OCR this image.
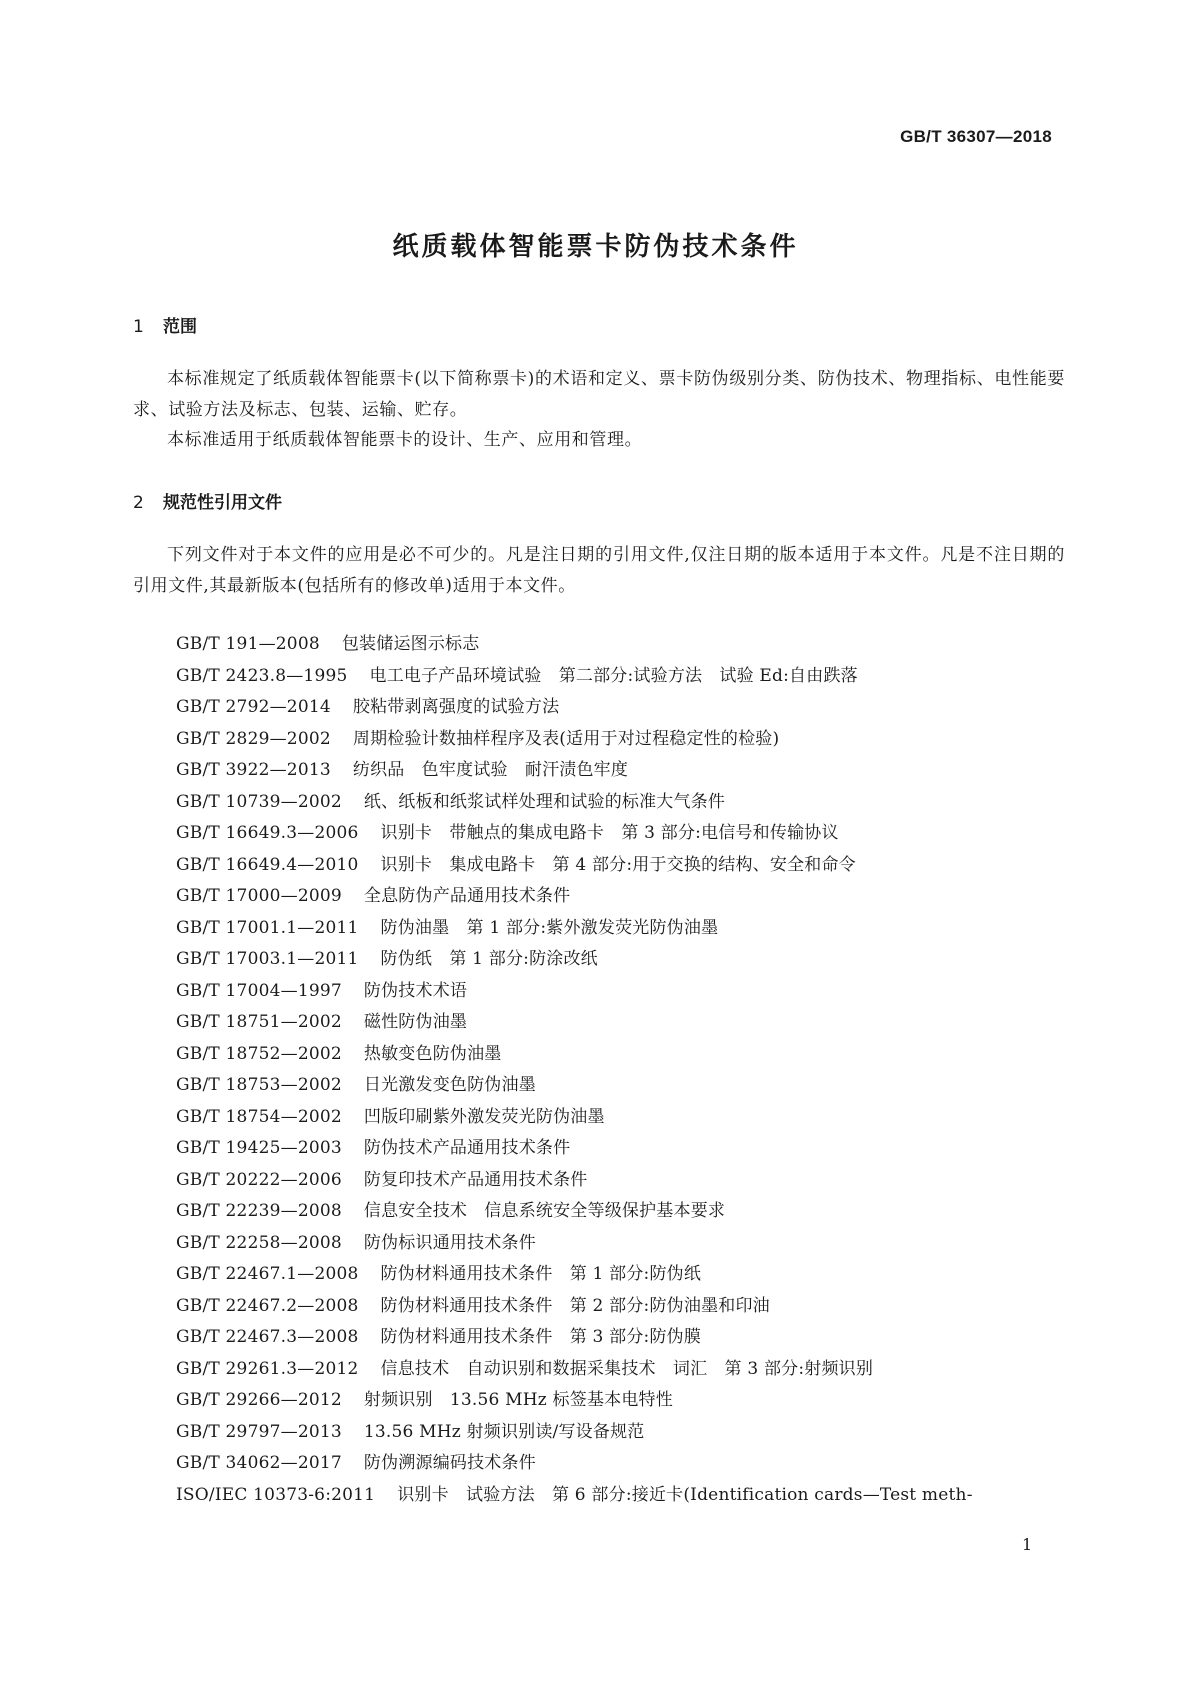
GB/T 36307—2018
纸质载体智能票卡防伪技术条件
1 范围
本标准规定了纸质载体智能票卡(以下简称票卡)的术语和定义、票卡防伪级别分类、防伪技术、物理指标、电性能要求、试验方法及标志、包装、运输、贮存。
本标准适用于纸质载体智能票卡的设计、生产、应用和管理。
2 规范性引用文件
下列文件对于本文件的应用是必不可少的。凡是注日期的引用文件,仅注日期的版本适用于本文件。凡是不注日期的引用文件,其最新版本(包括所有的修改单)适用于本文件。
GB/T 191—2008 包装储运图示标志
GB/T 2423.8—1995 电工电子产品环境试验　第二部分:试验方法　试验 Ed:自由跌落
GB/T 2792—2014 胶粘带剥离强度的试验方法
GB/T 2829—2002 周期检验计数抽样程序及表(适用于对过程稳定性的检验)
GB/T 3922—2013 纺织品　色牢度试验　耐汗渍色牢度
GB/T 10739—2002 纸、纸板和纸浆试样处理和试验的标准大气条件
GB/T 16649.3—2006 识别卡　带触点的集成电路卡　第 3 部分:电信号和传输协议
GB/T 16649.4—2010 识别卡　集成电路卡　第 4 部分:用于交换的结构、安全和命令
GB/T 17000—2009 全息防伪产品通用技术条件
GB/T 17001.1—2011 防伪油墨　第 1 部分:紫外激发荧光防伪油墨
GB/T 17003.1—2011 防伪纸　第 1 部分:防涂改纸
GB/T 17004—1997 防伪技术术语
GB/T 18751—2002 磁性防伪油墨
GB/T 18752—2002 热敏变色防伪油墨
GB/T 18753—2002 日光激发变色防伪油墨
GB/T 18754—2002 凹版印刷紫外激发荧光防伪油墨
GB/T 19425—2003 防伪技术产品通用技术条件
GB/T 20222—2006 防复印技术产品通用技术条件
GB/T 22239—2008 信息安全技术　信息系统安全等级保护基本要求
GB/T 22258—2008 防伪标识通用技术条件
GB/T 22467.1—2008 防伪材料通用技术条件　第 1 部分:防伪纸
GB/T 22467.2—2008 防伪材料通用技术条件　第 2 部分:防伪油墨和印油
GB/T 22467.3—2008 防伪材料通用技术条件　第 3 部分:防伪膜
GB/T 29261.3—2012 信息技术　自动识别和数据采集技术　词汇　第 3 部分:射频识别
GB/T 29266—2012 射频识别　13.56 MHz 标签基本电特性
GB/T 29797—2013 13.56 MHz 射频识别读/写设备规范
GB/T 34062—2017 防伪溯源编码技术条件
ISO/IEC 10373-6:2011 识别卡　试验方法　第 6 部分:接近卡(Identification cards—Test meth-
1
